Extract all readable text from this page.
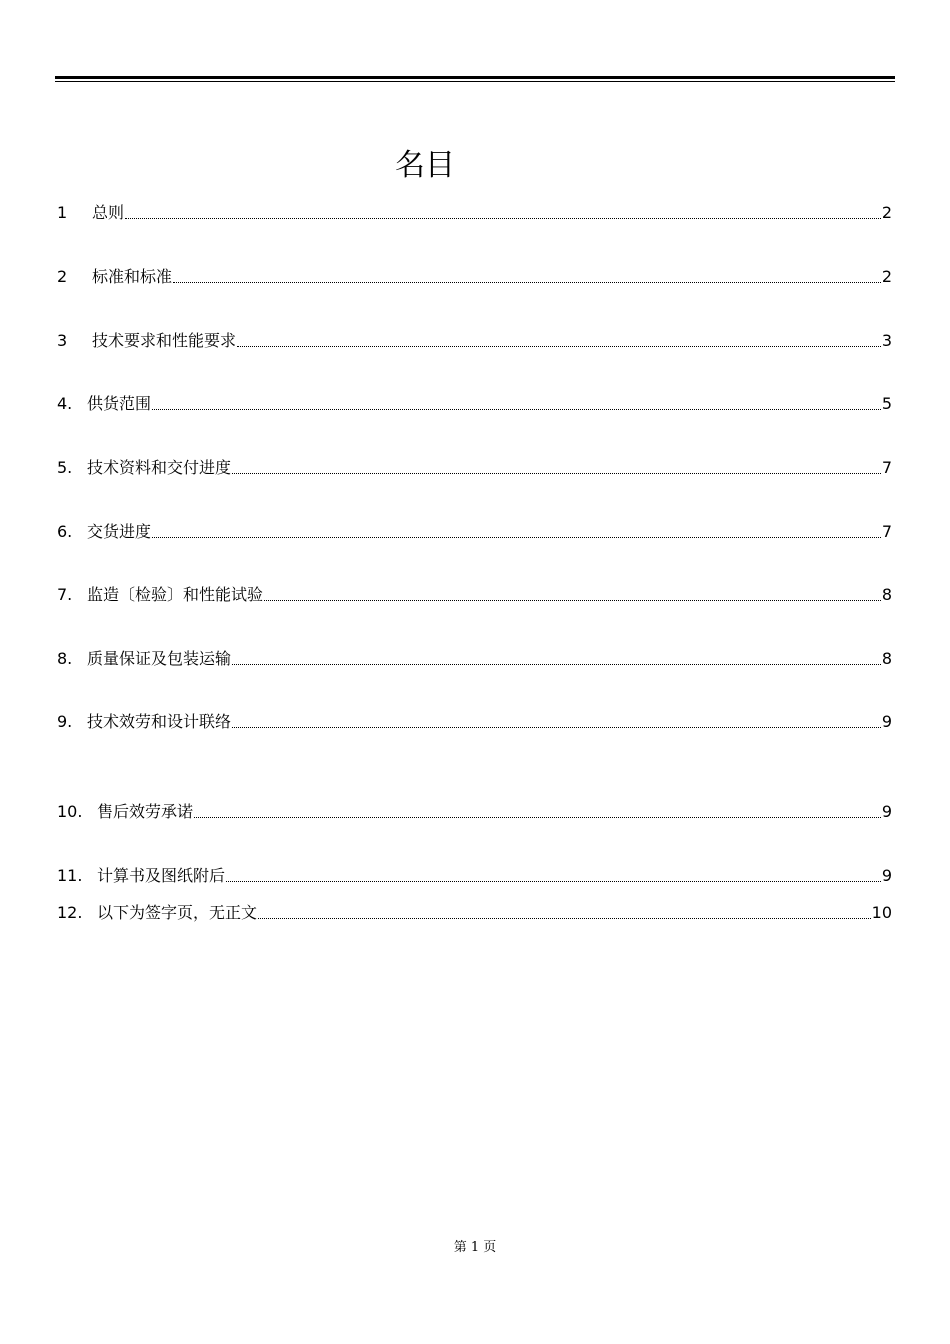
名目
1	总则	2
2	标准和标准	2
3	技术要求和性能要求	3
4. 供货范围	5
5. 技术资料和交付进度	7
6. 交货进度	7
7. 监造〔检验〕和性能试验	8
8. 质量保证及包装运输	8
9. 技术效劳和设计联络	9
10. 售后效劳承诺	9
11. 计算书及图纸附后	9
12. 以下为签字页，无正文	10
第 1 页
